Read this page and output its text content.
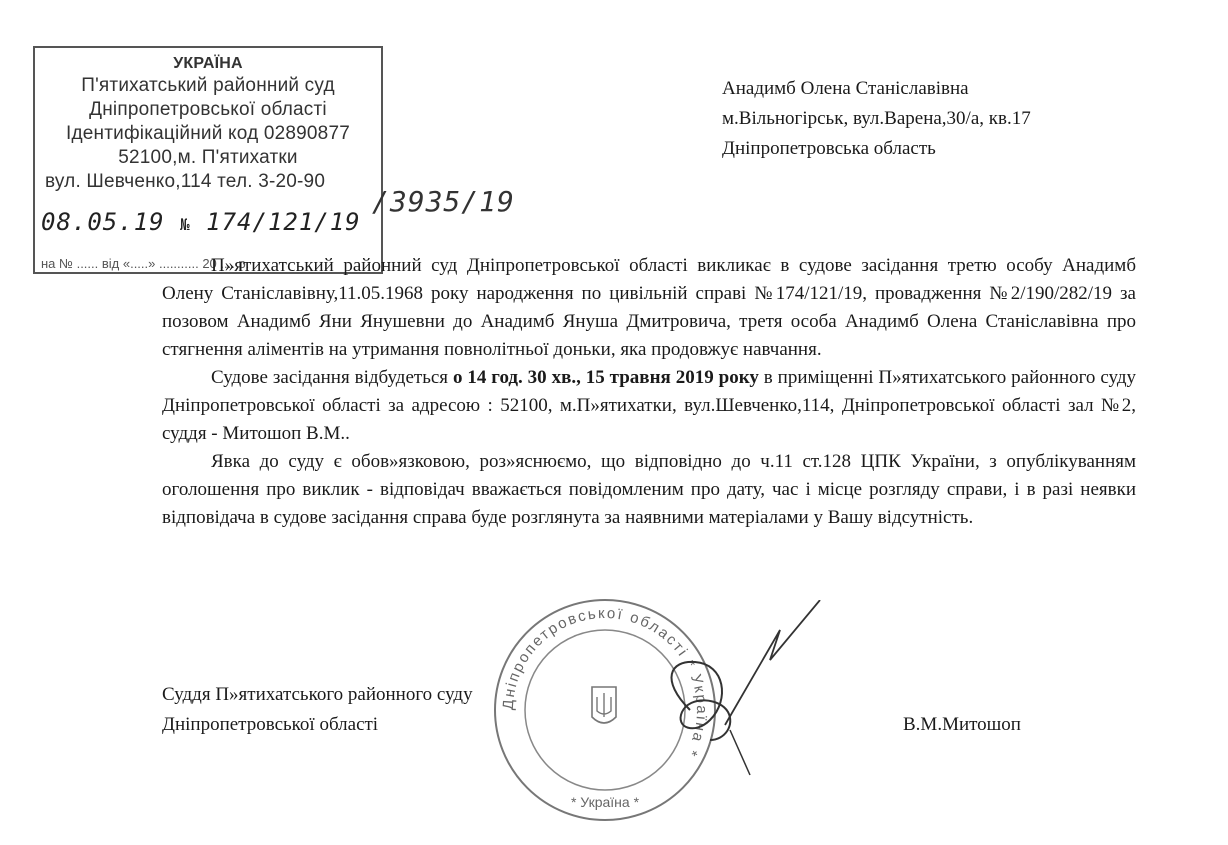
УКРАЇНА
П'ятихатський районний суд
Дніпропетровської області
Ідентифікаційний код 02890877
52100,м. П'ятихатки
вул. Шевченко,114 тел. 3-20-90
08.05.19 № 174/121/19
на № ...... від «.....» ........... 20 .... р.
/3935/19
Анадимб Олена Станіславівна
м.Вільногірськ, вул.Варена,30/а, кв.17
Дніпропетровська область

П»ятихатський районний суд Дніпропетровської області викликає в судове засідання третю особу Анадимб Олену Станіславівну,11.05.1968 року народження по цивільній справі №174/121/19, провадження №2/190/282/19 за позовом Анадимб Яни Янушевни до Анадимб Януша Дмитровича, третя особа Анадимб Олена Станіславівна про стягнення аліментів на утримання повнолітньої доньки, яка продовжує навчання.

Судове засідання відбудеться о 14 год. 30 хв., 15 травня 2019 року в приміщенні П»ятихатського районного суду Дніпропетровської області за адресою : 52100, м.П»ятихатки, вул.Шевченко,114, Дніпропетровської області зал №2, суддя - Митошоп В.М..

Явка до суду є обов»язковою, роз»яснюємо, що відповідно до ч.11 ст.128 ЦПК України, з опублікуванням оголошення про виклик - відповідач вважається повідомленим про дату, час і місце розгляду справи, і в разі неявки відповідача в судове засідання справа буде розглянута за наявними матеріалами у Вашу відсутність.

Дніпропетровської області * Україна *
* Україна *
Суддя П»ятихатського районного суду
Дніпропетровської області	В.М.Митошоп
